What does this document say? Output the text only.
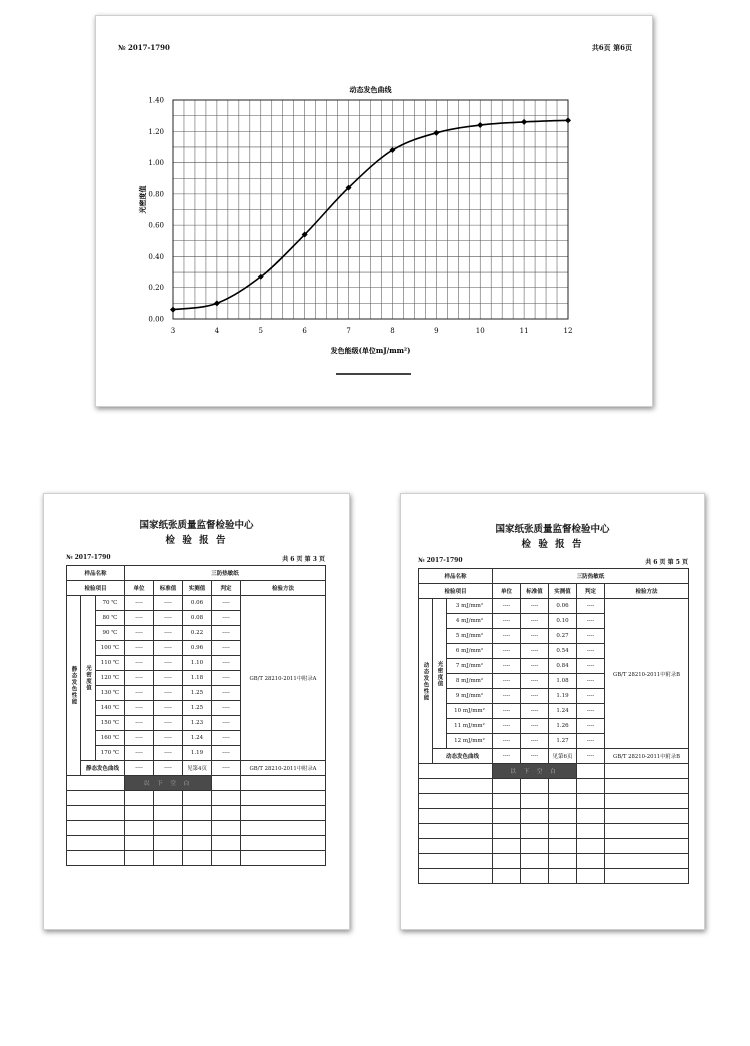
№ 2017-1790	共6页 第6页
0.00
0.20
0.40
0.60
0.80
1.00
1.20
1.40
3	4	5	6	7	8	9	10	11	12
动态发色曲线
发色能级(单位mJ/mm²)
光密度值
国家纸张质量监督检验中心
检 验 报 告
№ 2017-1790	共 6 页 第 3 页
样品名称			三防热敏纸				
检验项目			单位	标准值	实测值	判定	检验方法
静态发色性能	光密度值	70 ℃	----	----	0.06	----	GB/T 28210-2011中附录A
		80 ℃	----	----	0.08	----	
		90 ℃	----	----	0.22	----	
		100 ℃	----	----	0.96	----	
		110 ℃	----	----	1.10	----	
		120 ℃	----	----	1.18	----	
		130 ℃	----	----	1.25	----	
		140 ℃	----	----	1.25	----	
		150 ℃	----	----	1.23	----	
		160 ℃	----	----	1.24	----	
		170 ℃	----	----	1.19	----	
	静态发色曲线		----	----	见第4页	----	GB/T 28210-2011中附录A
			以 下 空 白				

国家纸张质量监督检验中心
检 验 报 告
№ 2017-1790	共 6 页 第 5 页
样品名称			三防热敏纸				
检验项目			单位	标准值	实测值	判定	检验方法
动态发色性能	光密度值	3 mJ/mm²	----	----	0.06	----	GB/T 28210-2011中附录B
		4 mJ/mm²	----	----	0.10	----	
		5 mJ/mm²	----	----	0.27	----	
		6 mJ/mm²	----	----	0.54	----	
		7 mJ/mm²	----	----	0.84	----	
		8 mJ/mm²	----	----	1.08	----	
		9 mJ/mm²	----	----	1.19	----	
		10 mJ/mm²	----	----	1.24	----	
		11 mJ/mm²	----	----	1.26	----	
		12 mJ/mm²	----	----	1.27	----	
	动态发色曲线		----	----	见第6页	----	GB/T 28210-2011中附录B
			以 下 空 白				
